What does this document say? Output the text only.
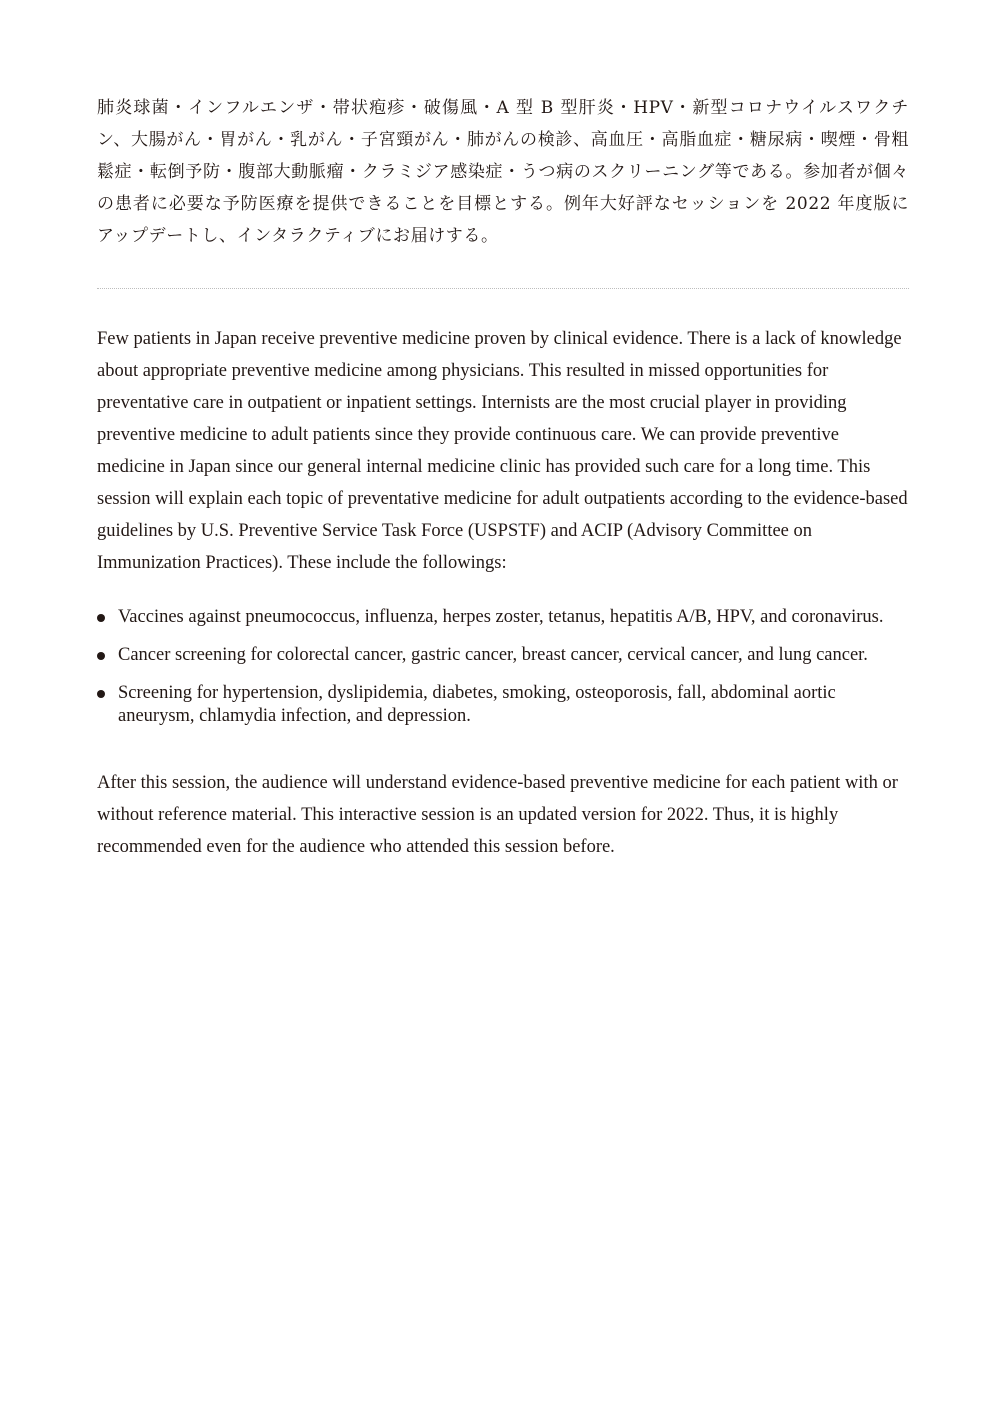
肺炎球菌・インフルエンザ・帯状疱疹・破傷風・A 型 B 型肝炎・HPV・新型コロナウイルスワクチン、大腸がん・胃がん・乳がん・子宮頸がん・肺がんの検診、高血圧・高脂血症・糖尿病・喫煙・骨粗鬆症・転倒予防・腹部大動脈瘤・クラミジア感染症・うつ病のスクリーニング等である。参加者が個々の患者に必要な予防医療を提供できることを目標とする。例年大好評なセッションを 2022 年度版にアップデートし、インタラクティブにお届けする。

Few patients in Japan receive preventive medicine proven by clinical evidence. There is a lack of knowledge about appropriate preventive medicine among physicians. This resulted in missed opportunities for preventative care in outpatient or inpatient settings. Internists are the most crucial player in providing preventive medicine to adult patients since they provide continuous care. We can provide preventive medicine in Japan since our general internal medicine clinic has provided such care for a long time. This session will explain each topic of preventative medicine for adult outpatients according to the evidence-based guidelines by U.S. Preventive Service Task Force (USPSTF) and ACIP (Advisory Committee on Immunization Practices). These include the followings:

Vaccines against pneumococcus, influenza, herpes zoster, tetanus, hepatitis A/B, HPV, and coronavirus.
Cancer screening for colorectal cancer, gastric cancer, breast cancer, cervical cancer, and lung cancer.
Screening for hypertension, dyslipidemia, diabetes, smoking, osteoporosis, fall, abdominal aortic aneurysm, chlamydia infection, and depression.

After this session, the audience will understand evidence-based preventive medicine for each patient with or without reference material. This interactive session is an updated version for 2022. Thus, it is highly recommended even for the audience who attended this session before.
